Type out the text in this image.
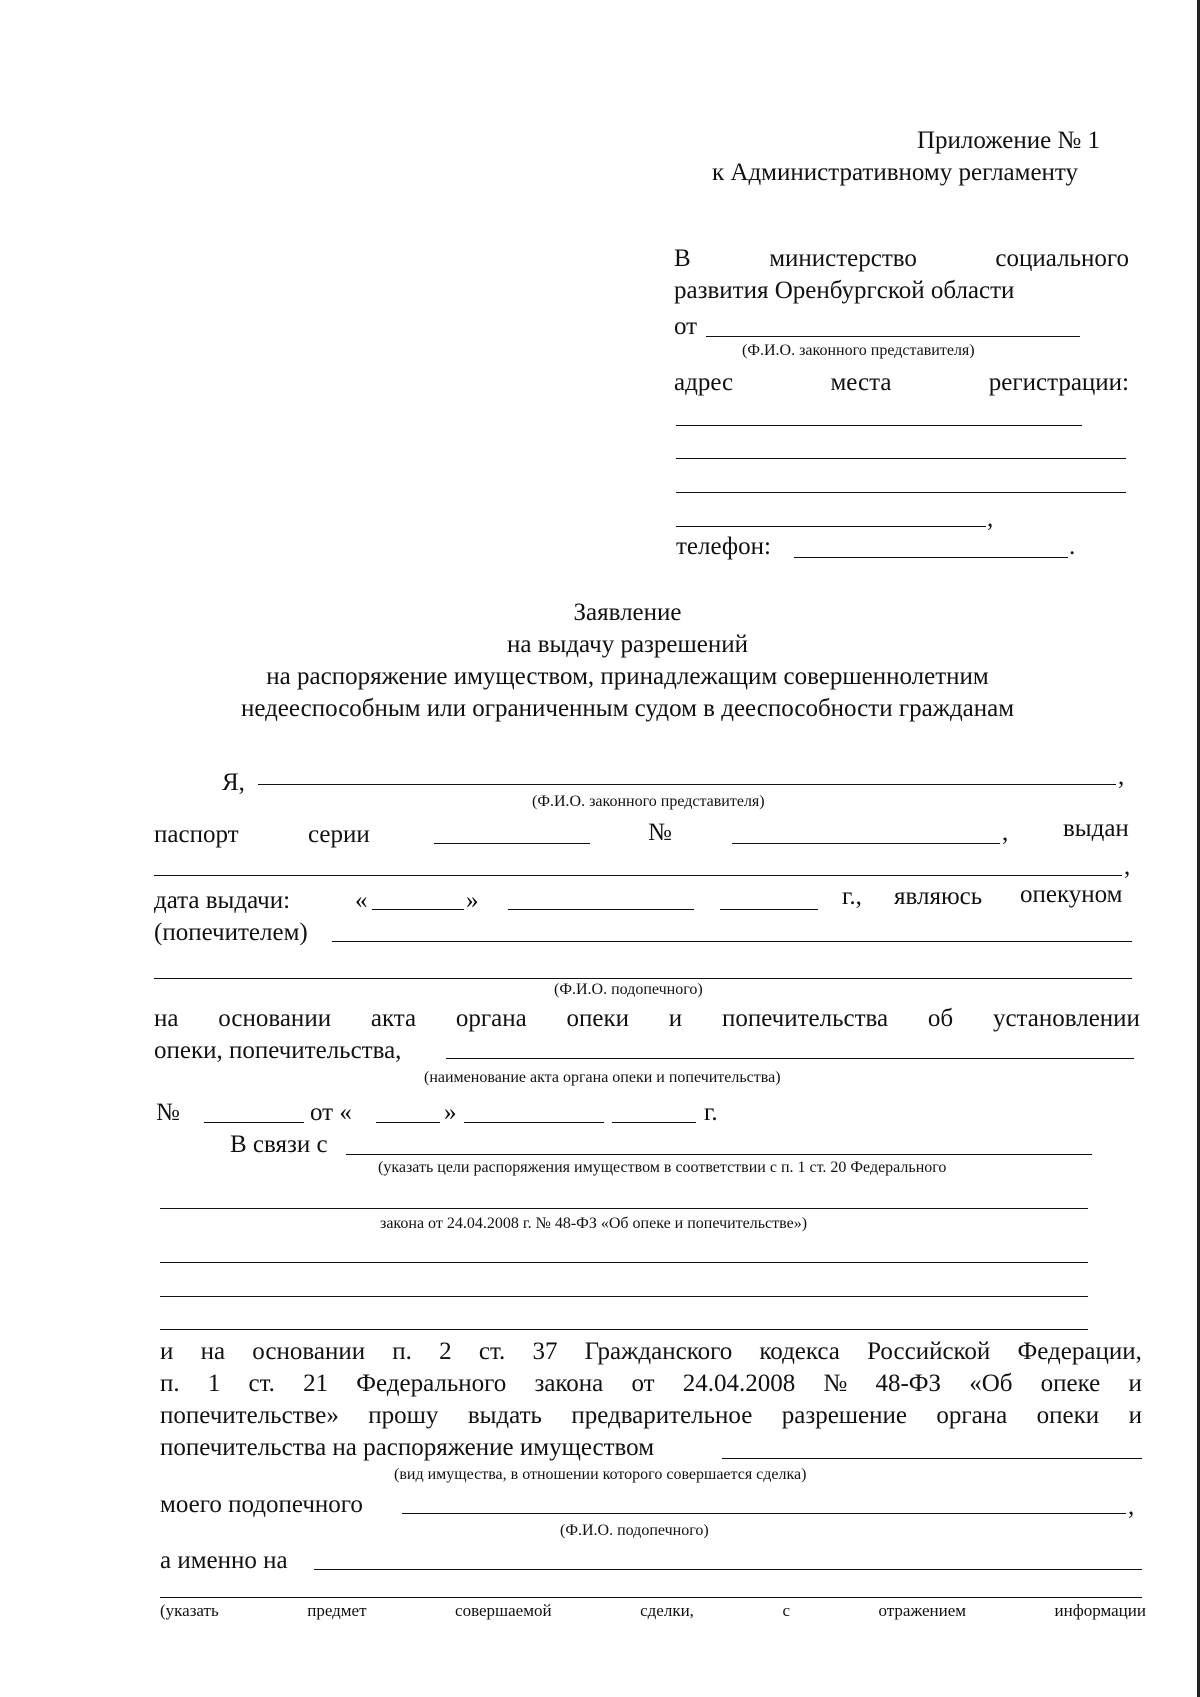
Приложение № 1
к Административному регламенту
В	министерство	социального
развития Оренбургской области
от
(Ф.И.О. законного представителя)
адрес	места	регистрации:
,
телефон:	.
Заявление
на выдачу разрешений
на распоряжение имуществом, принадлежащим совершеннолетним
недееспособным или ограниченным судом в дееспособности гражданам
Я,	,
(Ф.И.О. законного представителя)
паспорт	серии	№	, выдан
,
дата выдачи:	«	»	г., являюсь опекуном
(попечителем)
(Ф.И.О. подопечного)
на основании акта органа опеки и попечительства об установлении
опеки, попечительства,
(наименование акта органа опеки и попечительства)
№	от «	»	г.
В связи с
(указать цели распоряжения имуществом в соответствии с п. 1 ст. 20 Федерального
закона от 24.04.2008 г. № 48-ФЗ «Об опеке и попечительстве»)
и на основании п. 2 ст. 37 Гражданского кодекса Российской Федерации,
п. 1 ст. 21 Федерального закона от 24.04.2008 № 48-ФЗ «Об опеке и
попечительстве» прошу выдать предварительное разрешение органа опеки и
попечительства на распоряжение имуществом
(вид имущества, в отношении которого совершается сделка)
моего подопечного	,
(Ф.И.О. подопечного)
а именно на
(указать	предмет	совершаемой	сделки,	с	отражением	информации
